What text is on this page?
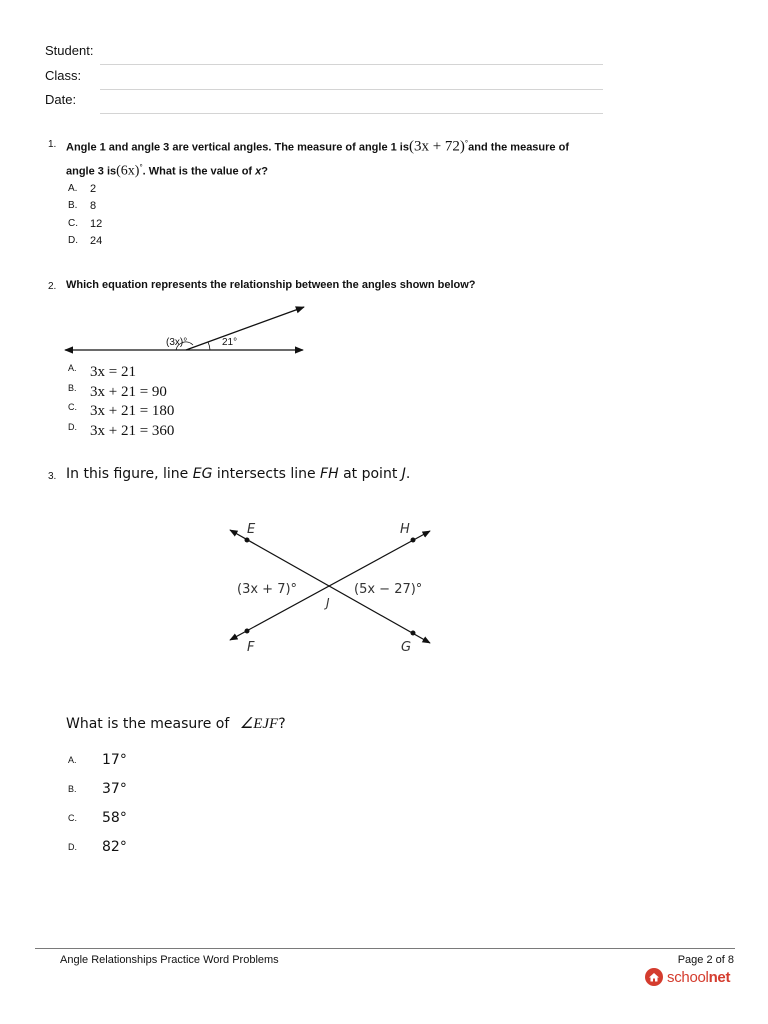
Student:
Class:
Date:
1. Angle 1 and angle 3 are vertical angles. The measure of angle 1 is(3x + 72)°and the measure of
angle 3 is(6x)°. What is the value of x?
A. 2
B. 8
C. 12
D. 24
2. Which equation represents the relationship between the angles shown below?
(3x)°	21°
A. 3x = 21
B. 3x + 21 = 90
C. 3x + 21 = 180
D. 3x + 21 = 360
3. In this figure, line EG intersects line FH at point J.
E	H
F	G
J
(3x + 7)°	(5x − 27)°
What is the measure of ∠EJF?
A. 17°
B. 37°
C. 58°
D. 82°
Angle Relationships Practice Word Problems	Page 2 of 8
schoolnet
